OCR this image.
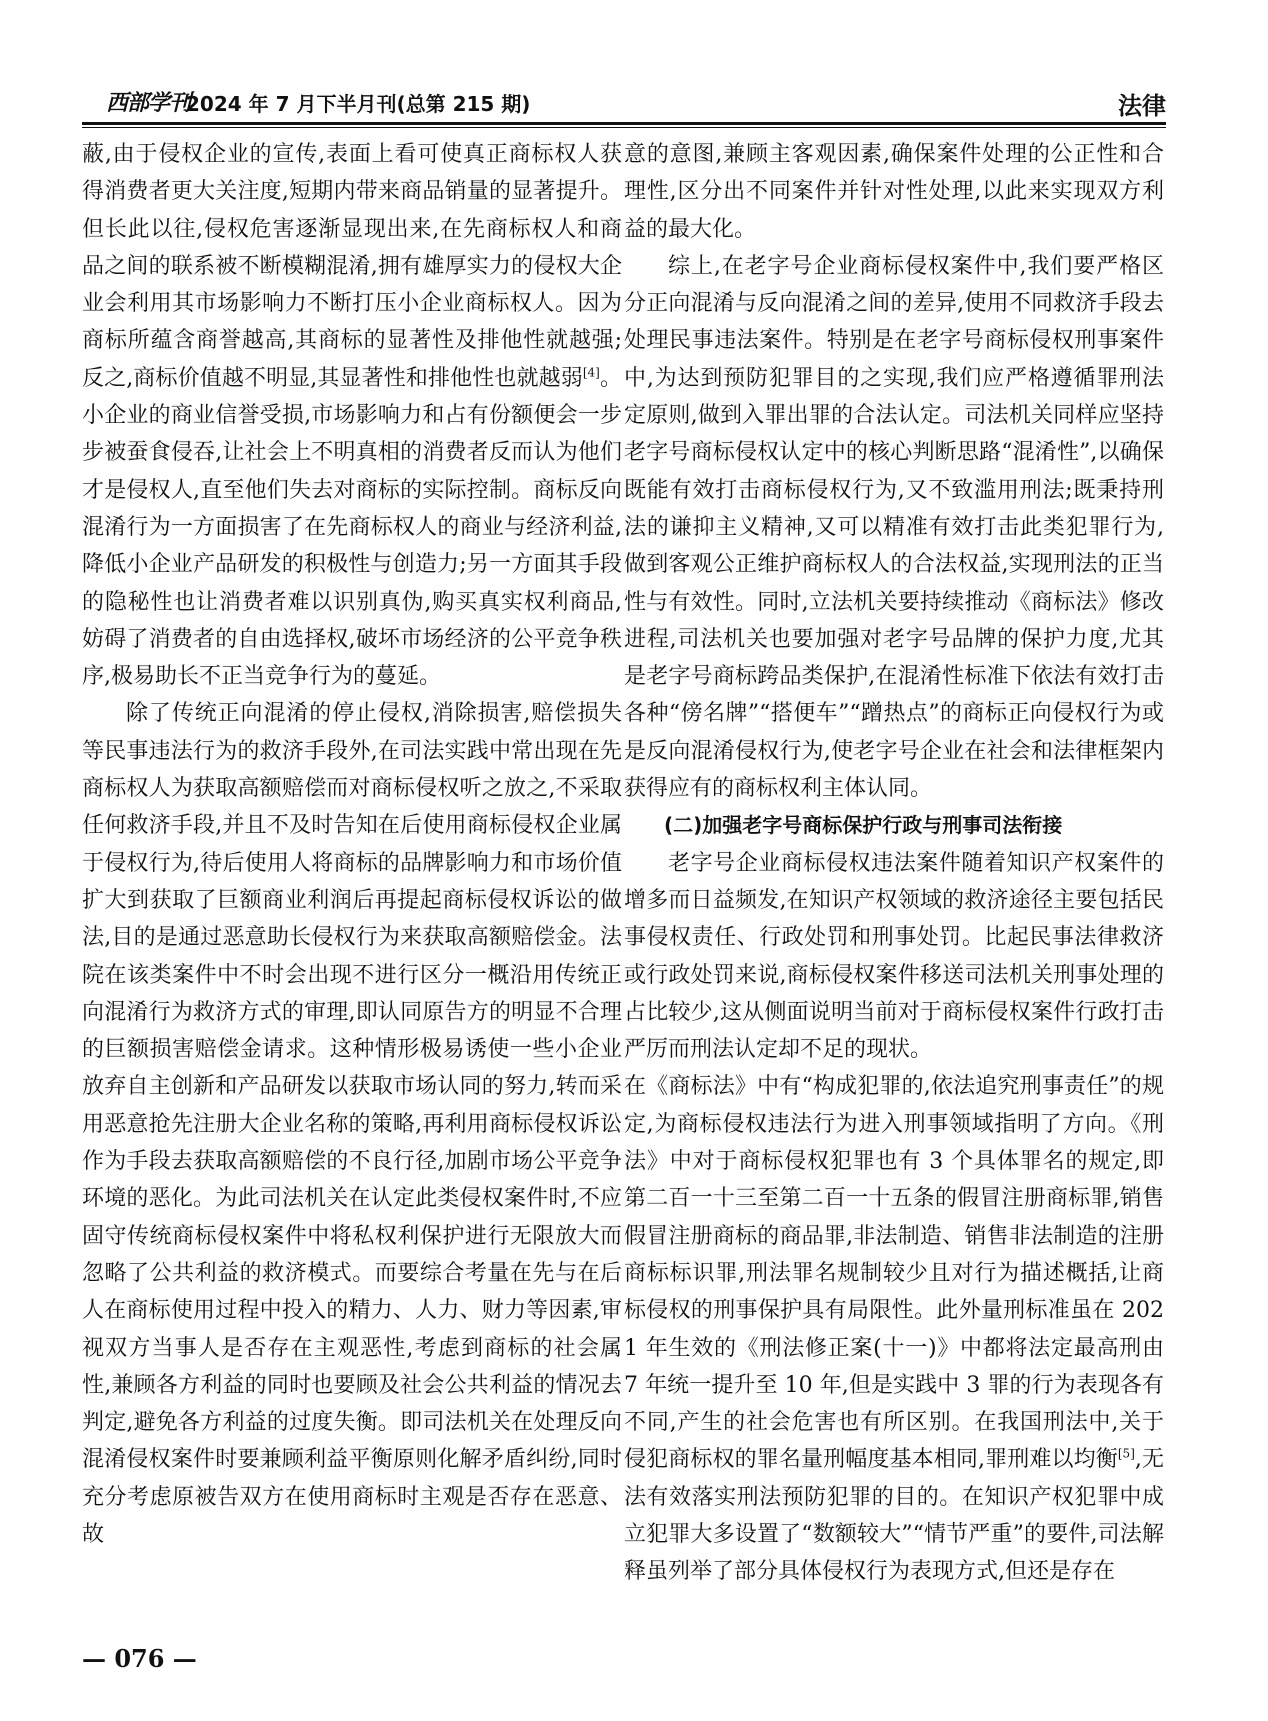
西部学刊
2024 年 7 月下半月刊(总第 215 期)	法律

蔽,由于侵权企业的宣传,表面上看可使真正商标权人获得消费者更大关注度,短期内带来商品销量的显著提升。但长此以往,侵权危害逐渐显现出来,在先商标权人和商品之间的联系被不断模糊混淆,拥有雄厚实力的侵权大企业会利用其市场影响力不断打压小企业商标权人。因为商标所蕴含商誉越高,其商标的显著性及排他性就越强;反之,商标价值越不明显,其显著性和排他性也就越弱[4]。小企业的商业信誉受损,市场影响力和占有份额便会一步步被蚕食侵吞,让社会上不明真相的消费者反而认为他们才是侵权人,直至他们失去对商标的实际控制。商标反向混淆行为一方面损害了在先商标权人的商业与经济利益,降低小企业产品研发的积极性与创造力;另一方面其手段的隐秘性也让消费者难以识别真伪,购买真实权利商品,妨碍了消费者的自由选择权,破坏市场经济的公平竞争秩序,极易助长不正当竞争行为的蔓延。

除了传统正向混淆的停止侵权,消除损害,赔偿损失等民事违法行为的救济手段外,在司法实践中常出现在先商标权人为获取高额赔偿而对商标侵权听之放之,不采取任何救济手段,并且不及时告知在后使用商标侵权企业属于侵权行为,待后使用人将商标的品牌影响力和市场价值扩大到获取了巨额商业利润后再提起商标侵权诉讼的做法,目的是通过恶意助长侵权行为来获取高额赔偿金。法院在该类案件中不时会出现不进行区分一概沿用传统正向混淆行为救济方式的审理,即认同原告方的明显不合理的巨额损害赔偿金请求。这种情形极易诱使一些小企业放弃自主创新和产品研发以获取市场认同的努力,转而采用恶意抢先注册大企业名称的策略,再利用商标侵权诉讼作为手段去获取高额赔偿的不良行径,加剧市场公平竞争环境的恶化。为此司法机关在认定此类侵权案件时,不应固守传统商标侵权案件中将私权利保护进行无限放大而忽略了公共利益的救济模式。而要综合考量在先与在后人在商标使用过程中投入的精力、人力、财力等因素,审视双方当事人是否存在主观恶性,考虑到商标的社会属性,兼顾各方利益的同时也要顾及社会公共利益的情况去判定,避免各方利益的过度失衡。即司法机关在处理反向混淆侵权案件时要兼顾利益平衡原则化解矛盾纠纷,同时充分考虑原被告双方在使用商标时主观是否存在恶意、故

意的意图,兼顾主客观因素,确保案件处理的公正性和合理性,区分出不同案件并针对性处理,以此来实现双方利益的最大化。

综上,在老字号企业商标侵权案件中,我们要严格区分正向混淆与反向混淆之间的差异,使用不同救济手段去处理民事违法案件。特别是在老字号商标侵权刑事案件中,为达到预防犯罪目的之实现,我们应严格遵循罪刑法定原则,做到入罪出罪的合法认定。司法机关同样应坚持老字号商标侵权认定中的核心判断思路“混淆性”,以确保既能有效打击商标侵权行为,又不致滥用刑法;既秉持刑法的谦抑主义精神,又可以精准有效打击此类犯罪行为,做到客观公正维护商标权人的合法权益,实现刑法的正当性与有效性。同时,立法机关要持续推动《商标法》修改进程,司法机关也要加强对老字号品牌的保护力度,尤其是老字号商标跨品类保护,在混淆性标准下依法有效打击各种“傍名牌”“搭便车”“蹭热点”的商标正向侵权行为或是反向混淆侵权行为,使老字号企业在社会和法律框架内获得应有的商标权利主体认同。

(二)加强老字号商标保护行政与刑事司法衔接

老字号企业商标侵权违法案件随着知识产权案件的增多而日益频发,在知识产权领域的救济途径主要包括民事侵权责任、行政处罚和刑事处罚。比起民事法律救济或行政处罚来说,商标侵权案件移送司法机关刑事处理的占比较少,这从侧面说明当前对于商标侵权案件行政打击严厉而刑法认定却不足的现状。

在《商标法》中有“构成犯罪的,依法追究刑事责任”的规定,为商标侵权违法行为进入刑事领域指明了方向。《刑法》中对于商标侵权犯罪也有 3 个具体罪名的规定,即第二百一十三至第二百一十五条的假冒注册商标罪,销售假冒注册商标的商品罪,非法制造、销售非法制造的注册商标标识罪,刑法罪名规制较少且对行为描述概括,让商标侵权的刑事保护具有局限性。此外量刑标准虽在 2021 年生效的《刑法修正案(十一)》中都将法定最高刑由 7 年统一提升至 10 年,但是实践中 3 罪的行为表现各有不同,产生的社会危害也有所区别。在我国刑法中,关于侵犯商标权的罪名量刑幅度基本相同,罪刑难以均衡[5],无法有效落实刑法预防犯罪的目的。在知识产权犯罪中成立犯罪大多设置了“数额较大”“情节严重”的要件,司法解释虽列举了部分具体侵权行为表现方式,但还是存在

— 076 —
